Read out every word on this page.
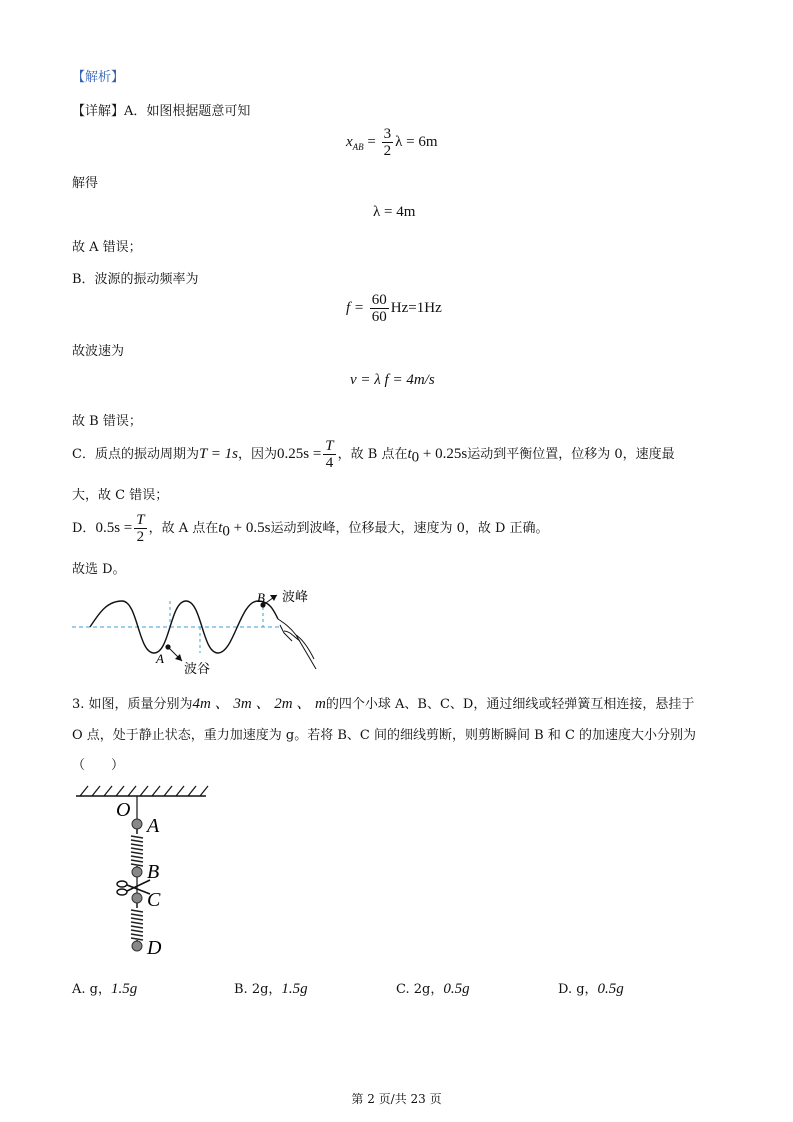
【解析】
【详解】A．如图根据题意可知
$x_{AB} = \frac{3}{2}$ λ = 6m
解得
λ = 4m
故 A 错误；
B．波源的振动频率为
$f = \frac{60}{60} Hz=1Hz$
故波速为
v = λ f = 4m/s
故 B 错误；
C．质点的振动周期为T = 1s，因为$0.25s = \frac{T}{4}$ ，故 B 点在$t_0 + 0.25s$运动到平衡位置，位移为 0，速度最
大，故 C 错误；
D．$0.5s = \frac{T}{2}$ ，故 A 点在$t_0 + 0.5s$运动到波峰，位移最大，速度为 0，故 D 正确。
故选 D。
A
波谷
B 波峰
3. 如图，质量分别为4m 、 3m 、 2m 、 m的四个小球 A、B、C、D，通过细线或轻弹簧互相连接，悬挂于
O 点，处于静止状态，重力加速度为 g。若将 B、C 间的细线剪断，则剪断瞬间 B 和 C 的加速度大小分别为
（　　）
O
A
B
C
D
A. g，1.5g	B. 2g，1.5g	C. 2g，0.5g	D. g，0.5g
第 2 页/共 23 页
